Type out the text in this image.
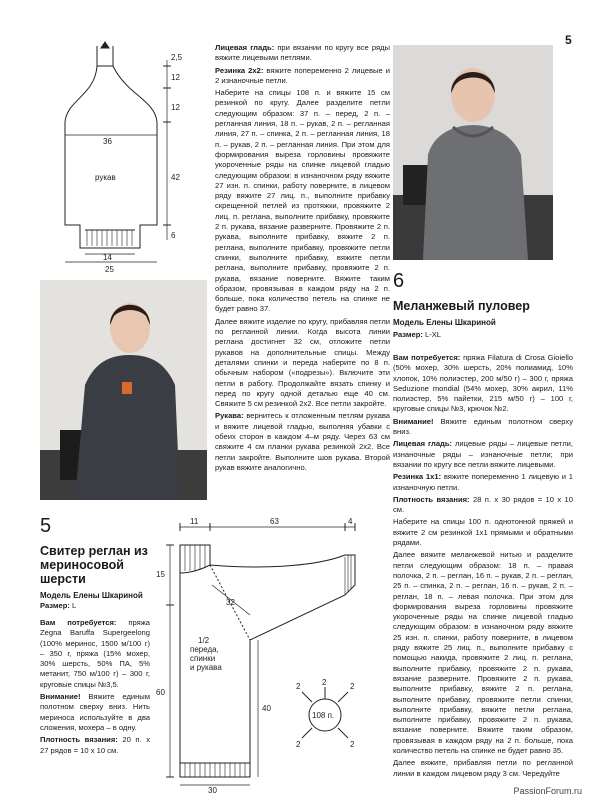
5
2,5
12
12
42
6
36
14
25
рукав

Лицевая гладь: при вязании по кругу все ряды вяжите лицевыми петлями.

Резинка 2х2: вяжите попеременно 2 лицевые и 2 изнаночные петли.

Наберите на спицы 108 п. и вяжите 15 см резинкой по кругу. Далее разделите петли следующим образом: 37 п. – перед, 2 п. – регланная линия, 18 п. – рукав, 2 п. – регланная линия, 27 п. – спинка, 2 п. – регланная линия, 18 п. – рукав, 2 п. – регланная линия. При этом для формирования выреза горловины провяжите укороченные ряды на спинке лицевой гладью следующим образом: в изнаночном ряду вяжите 27 изн. п. спинки, работу поверните, в лицевом ряду вяжите 27 лиц. п., выполните прибавку скрещенной петлей из протяжки, провяжите 2 лиц. п. реглана, выполните прибавку, провяжите 2 п. рукава, вязание разверните. Провяжите 2 п. рукава, выполните прибавку, вяжите 2 п. реглана, выполните прибавку, провяжите петли спинки, выполните прибавку, вяжите петли реглана, выполните прибавку, провяжите 2 п. рукава, вязание поверните. Вяжите таким образом, провязывая в каждом ряду на 2 п. больше, пока количество петель на спинке не будет равно 37.

Далее вяжите изделие по кругу, прибавляя петли по регланной линии. Когда высота линии реглана достигнет 32 см, отложите петли рукавов на дополнительные спицы. Между деталями спинки и переда наберите по 8 п. обычным набором («подрезы»). Включите эти петли в работу. Продолжайте вязать спинку и перед по кругу одной деталью еще 40 см. Свяжите 5 см резинкой 2х2. Все петли закройте.

Рукава: вернитесь к отложенным петлям рукава и вяжите лицевой гладью, выполняя убавки с обеих сторон в каждом 4–м ряду. Через 63 см свяжите 4 см планки рукава резинкой 2х2. Все петли закройте. Выполните шов рукава. Второй рукав вяжите аналогично.

6
Меланжевый пуловер
Модель Елены Шкариной
Размер: L-XL

Вам потребуется: пряжа Filatura di Crosa Gioiello (50% мохер, 30% шерсть, 20% полиамид, 10% хлопок, 10% полиэстер, 200 м/50 г) – 300 г, пряжа Seduzione mondial (54% мохер, 30% акрил, 11% полиэстер, 5% пайетки, 215 м/50 г) – 100 г, круговые спицы №3, крючок №2.

Внимание! Вяжите единым полотном сверху вниз.

Лицевая гладь: лицевые ряды – лицевые петли, изнаночные ряды – изнаночные петли; при вязании по кругу все петли вяжите лицевыми.

Резинка 1х1: вяжите попеременно 1 лицевую и 1 изнаночную петли.

Плотность вязания: 28 п. х 30 рядов = 10 х 10 см.

Наберите на спицы 100 п. однотонной пряжей и вяжите 2 см резинкой 1х1 прямыми и обратными рядами.

Далее вяжите меланжевой нитью и разделите петли следующим образом: 18 п. – правая полочка, 2 п. – реглан, 16 п. – рукав, 2 п. – реглан, 25 п. – спинка, 2 п. – реглан, 16 п. – рукав, 2 п. – реглан, 18 п. – левая полочка. При этом для формирования выреза горловины провяжите укороченные ряды на спинке лицевой гладью следующим образом: в изнаночном ряду вяжите 25 изн. п. спинки, работу поверните, в лицевом ряду вяжите 25 лиц. п., выполните прибавку с помощью накида, провяжите 2 лиц. п. реглана, выполните прибавку, провяжите 2 п. рукава, вязание разверните. Провяжите 2 п. рукава, выполните прибавку, вяжите 2 п. реглана, выполните прибавку, провяжите петли спинки, выполните прибавку, вяжите петли реглана, выполните прибавку, провяжите 2 п. рукава, вязание поверните. Вяжите таким образом, провязывая в каждом ряду на 2 п. больше, пока количество петель на спинке не будет равно 35.

Далее вяжите, прибавляя петли по регланной линии в каждом лицевом ряду 3 см. Чередуйте

5
Свитер реглан из мериносовой шерсти
Модель Елены Шкариной
Размер: L

Вам потребуется: пряжа Zegna Baruffa Supergeelong (100% меринос, 1500 м/100 г) – 350 г, пряжа (15% мохер, 30% шерсть, 50% ПА, 5% метанит, 750 м/100 г) – 300 г, круговые спицы №3,5.

Внимание! Вяжите единым полотном сверху вниз. Нить мериноса используйте в два сложения, мохера – в одну.

Плотность вязания: 20 п. х 27 рядов = 10 х 10 см.

11	63	4
15
32
60
40
30
2	2	2
2	2
108 п.
1/2
переда,
спинки
и рукава
PassionForum.ru
